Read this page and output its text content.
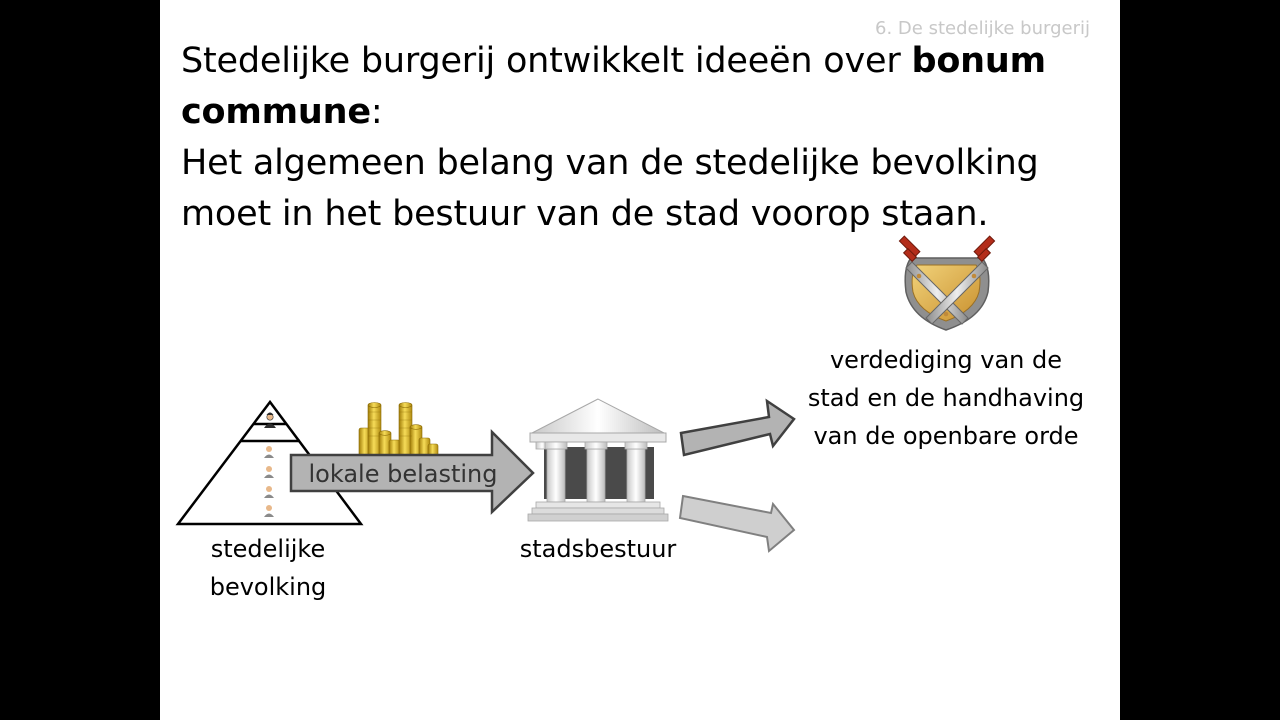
6. De stedelijke burgerij

Stedelijke burgerij ontwikkelt ideeën over bonum commune:

Het algemeen belang van de stedelijke bevolking

moet in het bestuur van de stad voorop staan.

lokale belasting
stedelijke
bevolking
stadsbestuur
verdediging van de
stad en de handhaving
van de openbare orde
